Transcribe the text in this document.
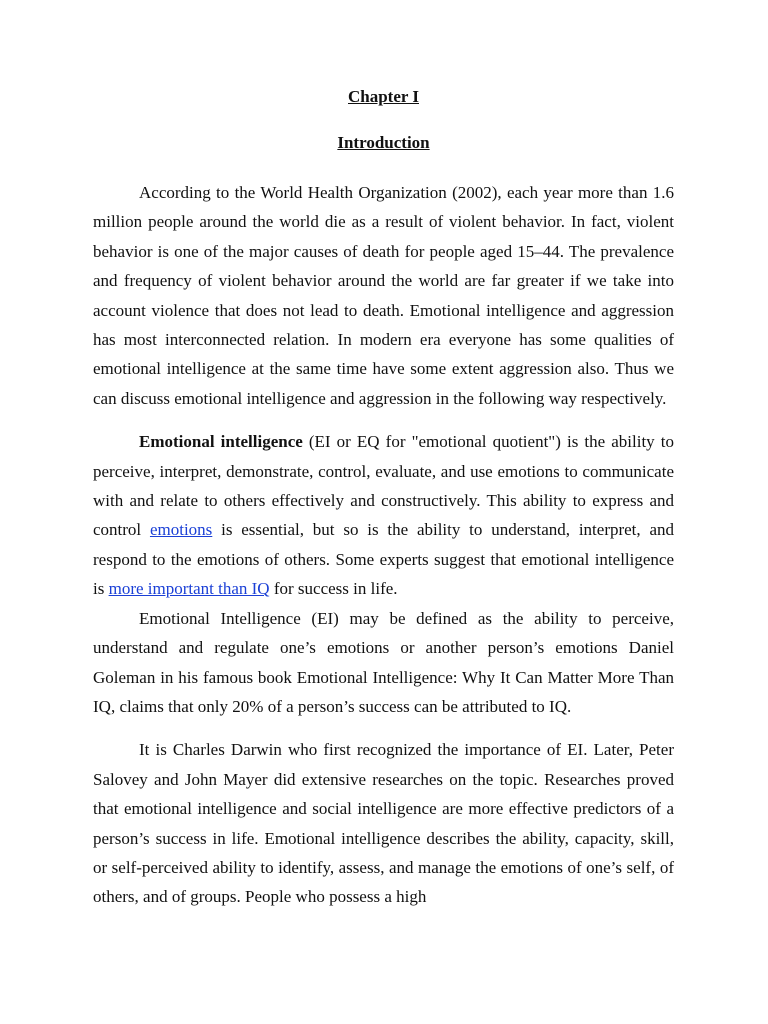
Chapter I

Introduction

According to the World Health Organization (2002), each year more than 1.6 million people around the world die as a result of violent behavior. In fact, violent behavior is one of the major causes of death for people aged 15–44. The prevalence and frequency of violent behavior around the world are far greater if we take into account violence that does not lead to death. Emotional intelligence and aggression has most interconnected relation. In modern era everyone has some qualities of emotional intelligence at the same time have some extent aggression also. Thus we can discuss emotional intelligence and aggression in the following way respectively.

Emotional intelligence (EI or EQ for "emotional quotient") is the ability to perceive, interpret, demonstrate, control, evaluate, and use emotions to communicate with and relate to others effectively and constructively. This ability to express and control emotions is essential, but so is the ability to understand, interpret, and respond to the emotions of others. Some experts suggest that emotional intelligence is more important than IQ for success in life.

Emotional Intelligence (EI) may be defined as the ability to perceive, understand and regulate one’s emotions or another person’s emotions Daniel Goleman in his famous book Emotional Intelligence: Why It Can Matter More Than IQ, claims that only 20% of a person’s success can be attributed to IQ.

It is Charles Darwin who first recognized the importance of EI. Later, Peter Salovey and John Mayer did extensive researches on the topic. Researches proved that emotional intelligence and social intelligence are more effective predictors of a person’s success in life. Emotional intelligence describes the ability, capacity, skill, or self-perceived ability to identify, assess, and manage the emotions of one’s self, of others, and of groups. People who possess a high
